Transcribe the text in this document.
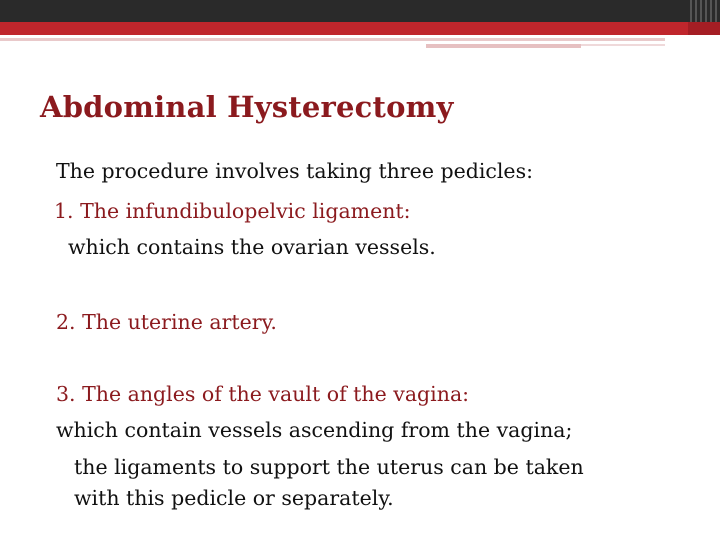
Abdominal Hysterectomy
The procedure involves taking three pedicles:
1. The infundibulopelvic ligament:
which contains the ovarian vessels.
2. The uterine artery.
3. The angles of the vault of the vagina:
which contain vessels ascending from the vagina;
the ligaments to support the uterus can be taken
with this pedicle or separately.
